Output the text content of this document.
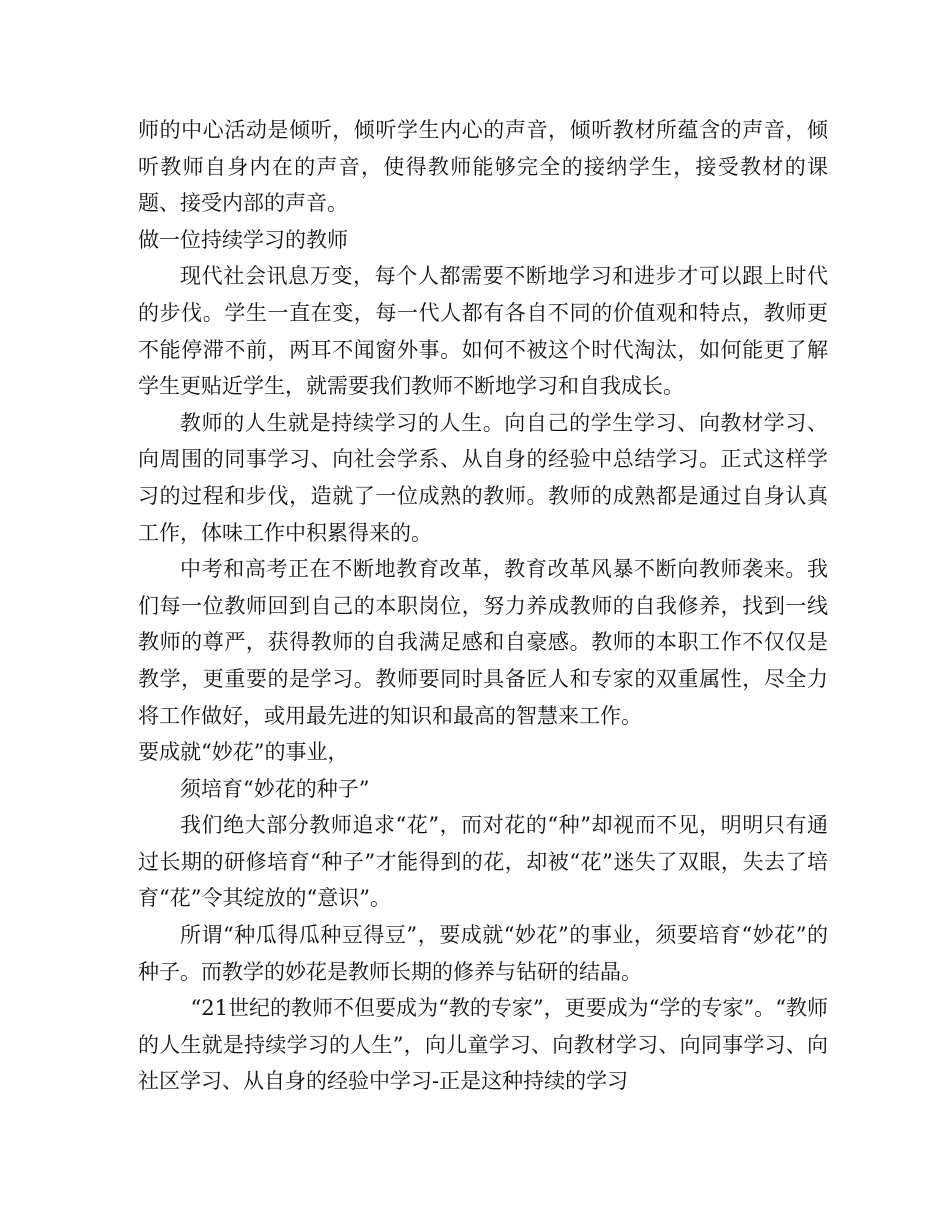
师的中心活动是倾听，倾听学生内心的声音，倾听教材所蕴含的声音，倾听教师自身内在的声音，使得教师能够完全的接纳学生，接受教材的课题、接受内部的声音。

做一位持续学习的教师

现代社会讯息万变，每个人都需要不断地学习和进步才可以跟上时代的步伐。学生一直在变，每一代人都有各自不同的价值观和特点，教师更不能停滞不前，两耳不闻窗外事。如何不被这个时代淘汰，如何能更了解学生更贴近学生，就需要我们教师不断地学习和自我成长。

教师的人生就是持续学习的人生。向自己的学生学习、向教材学习、向周围的同事学习、向社会学系、从自身的经验中总结学习。正式这样学习的过程和步伐，造就了一位成熟的教师。教师的成熟都是通过自身认真工作，体味工作中积累得来的。

中考和高考正在不断地教育改革，教育改革风暴不断向教师袭来。我们每一位教师回到自己的本职岗位，努力养成教师的自我修养，找到一线教师的尊严，获得教师的自我满足感和自豪感。教师的本职工作不仅仅是教学，更重要的是学习。教师要同时具备匠人和专家的双重属性，尽全力将工作做好，或用最先进的知识和最高的智慧来工作。

要成就“妙花”的事业，

须培育“妙花的种子”

我们绝大部分教师追求“花”，而对花的“种”却视而不见，明明只有通过长期的研修培育“种子”才能得到的花，却被“花”迷失了双眼，失去了培育“花”令其绽放的“意识”。

所谓“种瓜得瓜种豆得豆”，要成就“妙花”的事业，须要培育“妙花”的种子。而教学的妙花是教师长期的修养与钻研的结晶。

“21世纪的教师不但要成为“教的专家”，更要成为“学的专家”。“教师的人生就是持续学习的人生”，向儿童学习、向教材学习、向同事学习、向社区学习、从自身的经验中学习-正是这种持续的学习
